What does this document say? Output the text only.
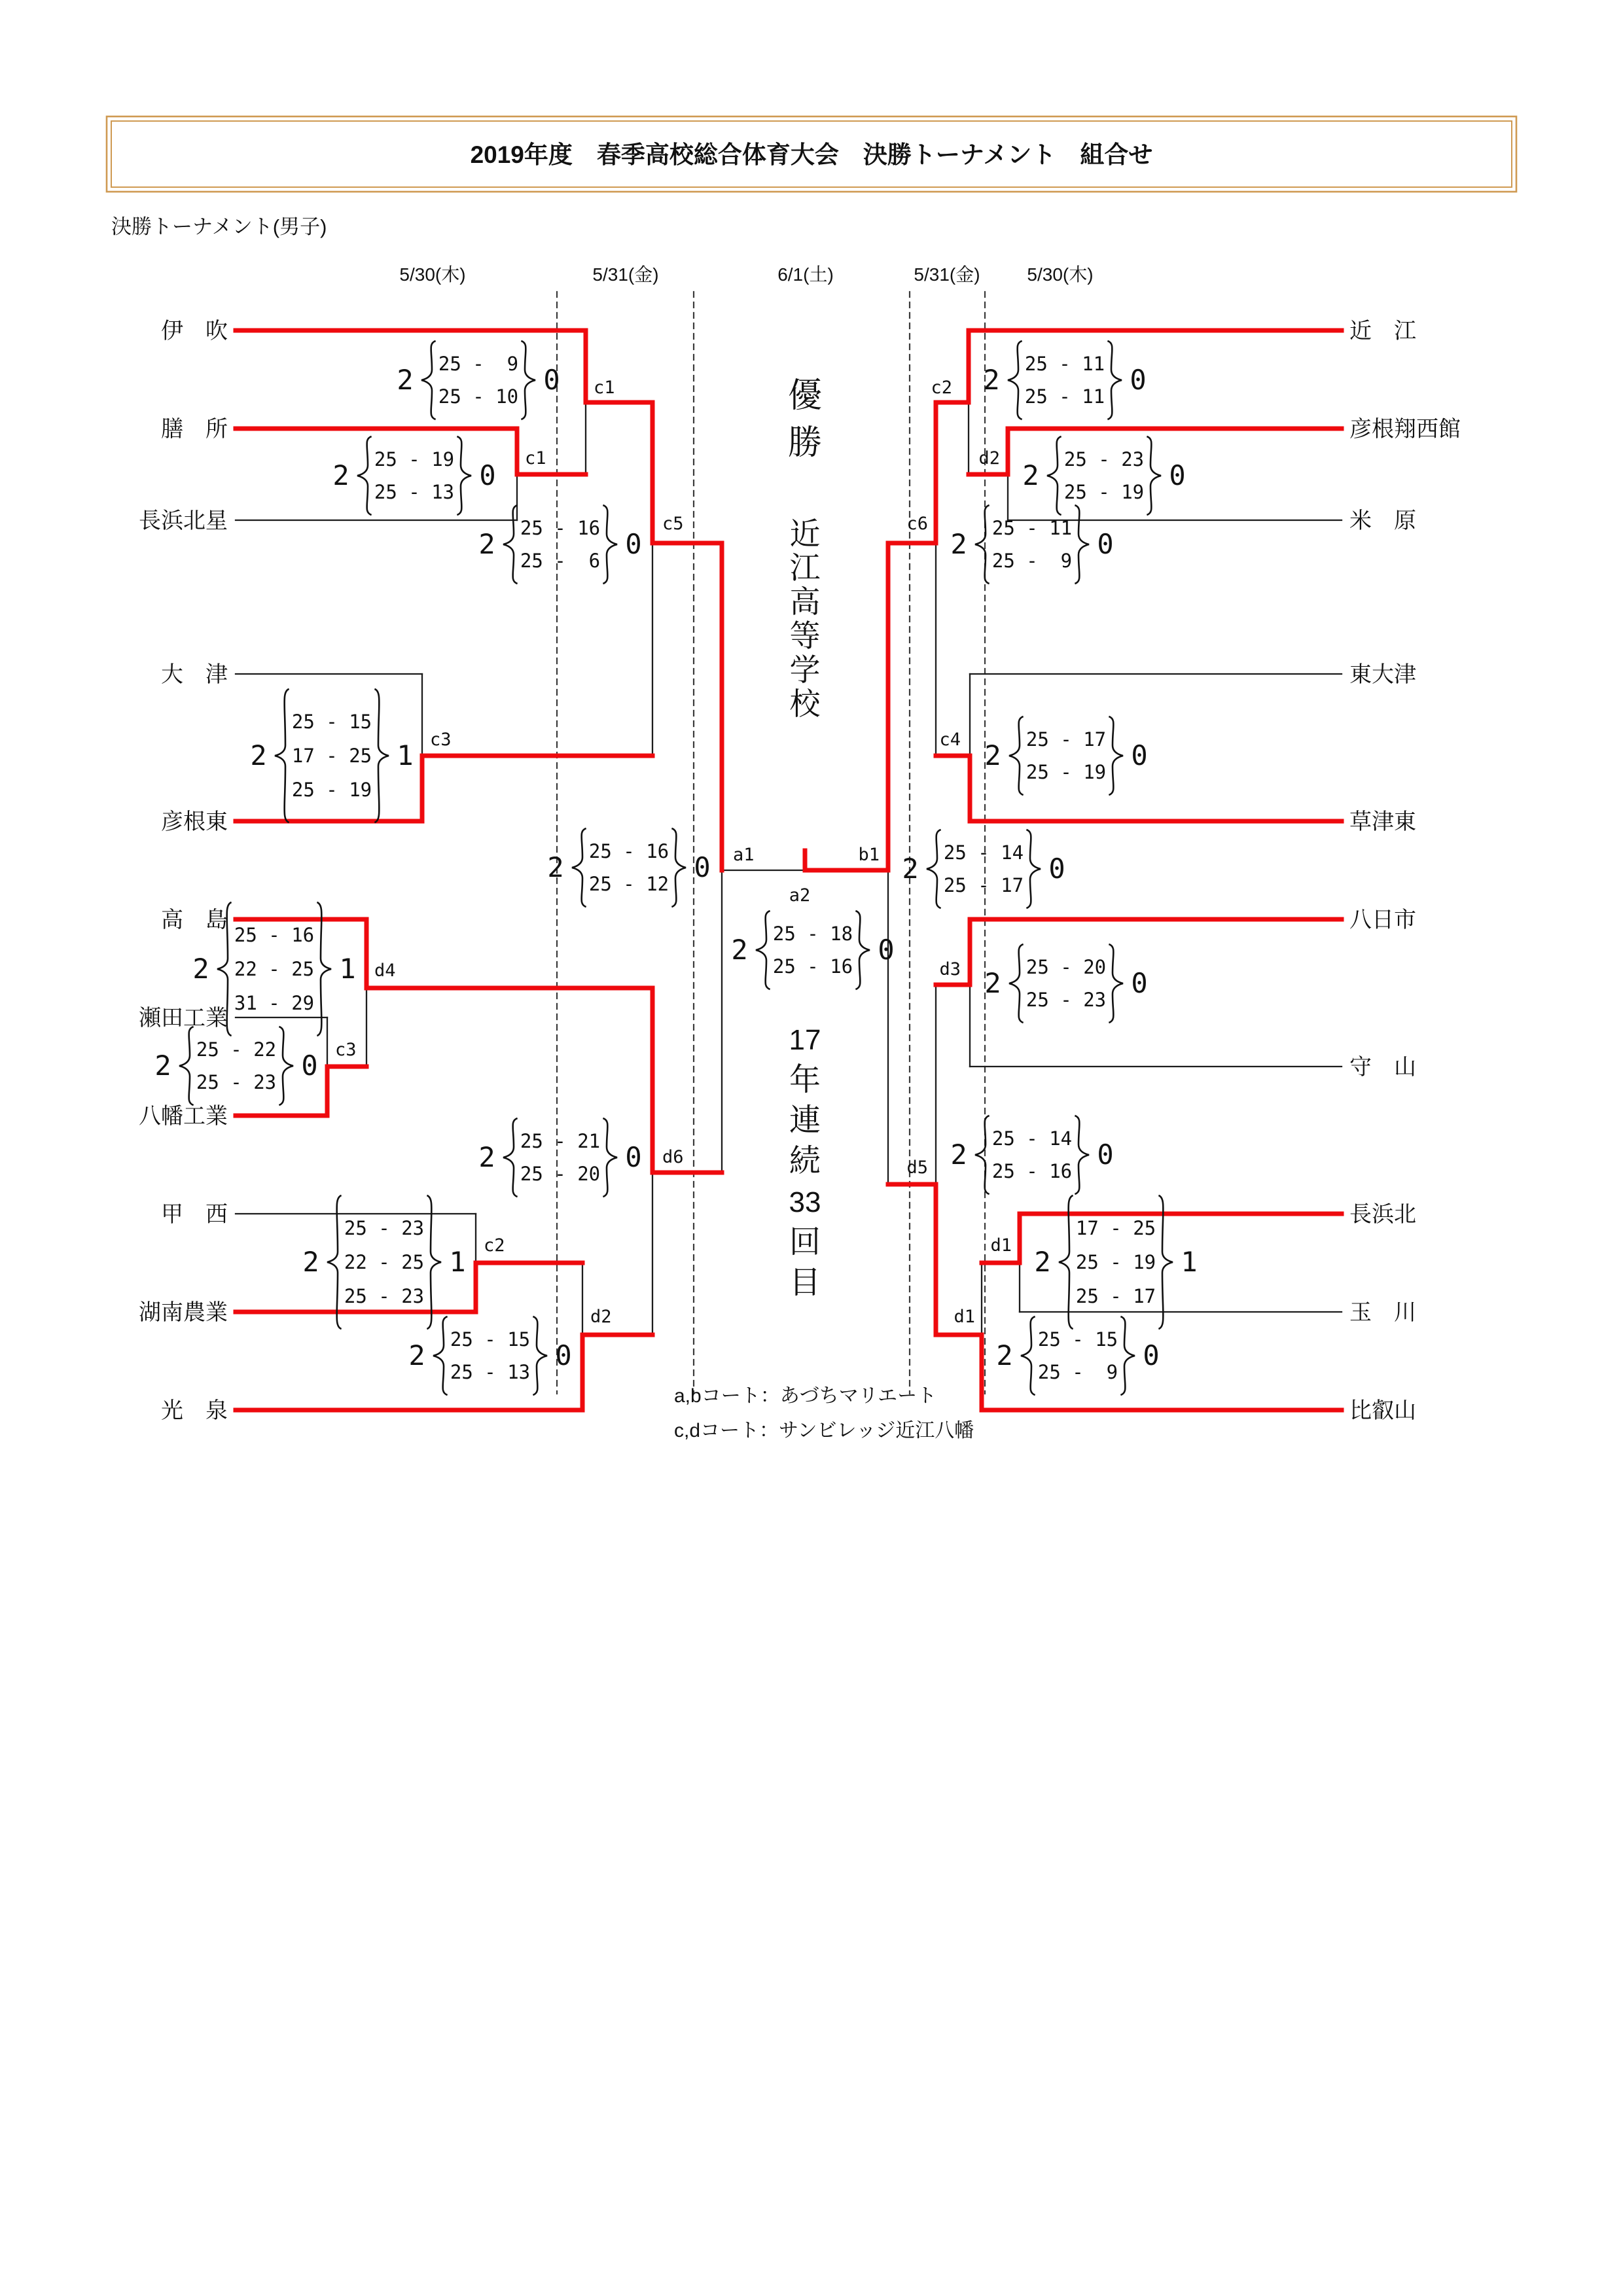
2019年度　春季高校総合体育大会　決勝トーナメント　組合せ
決勝トーナメント(男子)
5/30(木)	5/31(金)	6/1(土)	5/31(金)	5/30(木)
伊　吹
膳　所
長浜北星
大　津
彦根東
高　島
瀬田工業
八幡工業
甲　西
湖南農業
光　泉
近　江
彦根翔西館
米　原
東大津
草津東
八日市
守　山
長浜北
玉　川
比叡山
2 25 - 19
25 - 13
0
c1
2 25 -  9
25 - 10
0 c1
2
25 - 15
17 - 25
25 - 19
1 c3
2 25 - 16
25 -  6
0
c5
2 25 - 22
25 - 23
0 c3
2
25 - 16
22 - 25
31 - 29
1 d4
2
25 - 23
22 - 25
25 - 23
1
c2
2 25 - 15
25 - 13
0
d2
2 25 - 21
25 - 20
0 d6
2 25 - 16
25 - 12
0 a1
2 25 - 18
25 - 16
0
a2
2 25 - 11
25 - 11
0
c2
2 25 - 23
25 - 19
0
d2
2 25 - 17
25 - 19
0
c4
2 25 - 11
25 -  9
0
c6
2 25 - 20
25 - 23
0
d3
2
17 - 25
25 - 19
25 - 17
1
d1
2 25 - 15
25 -  9
0
d1
2 25 - 14
25 - 16
0
d5
2 25 - 14
25 - 17
0
b1
優
勝
近
江
高
等
学
校
17
年
連
続
33
回
目
a,bコート：あづちマリエート
c,dコート：サンビレッジ近江八幡
